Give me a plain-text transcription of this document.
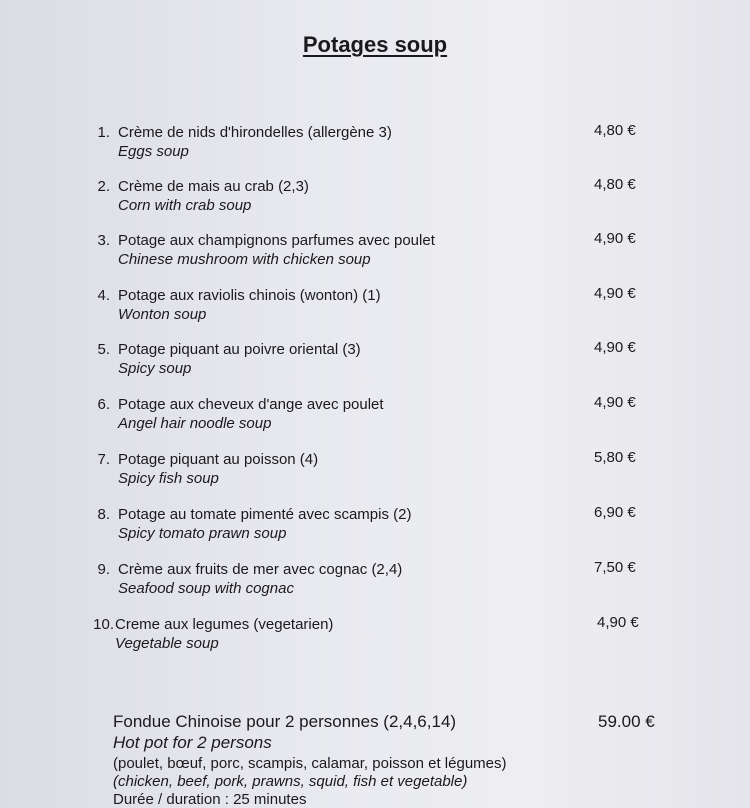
Potages soup
1. Crème de nids d'hirondelles (allergène 3)
Eggs soup
4,80 €
2. Crème de mais au crab (2,3)
Corn with crab soup
4,80 €
3. Potage aux champignons parfumes avec poulet
Chinese mushroom with chicken soup
4,90 €
4. Potage aux raviolis chinois (wonton) (1)
Wonton soup
4,90 €
5. Potage piquant au poivre oriental (3)
Spicy soup
4,90 €
6. Potage aux cheveux d'ange avec poulet
Angel hair noodle soup
4,90 €
7. Potage piquant au poisson (4)
Spicy fish soup
5,80 €
8. Potage au tomate pimenté avec scampis (2)
Spicy tomato prawn soup
6,90 €
9. Crème aux fruits de mer avec cognac (2,4)
Seafood soup with cognac
7,50 €
10. Creme aux legumes (vegetarien)
Vegetable soup
4,90 €
Fondue Chinoise pour 2 personnes (2,4,6,14)	59.00 €
Hot pot for 2 persons
(poulet, bœuf, porc, scampis, calamar, poisson et légumes)
(chicken, beef, pork, prawns, squid, fish et vegetable)
Durée / duration : 25 minutes
